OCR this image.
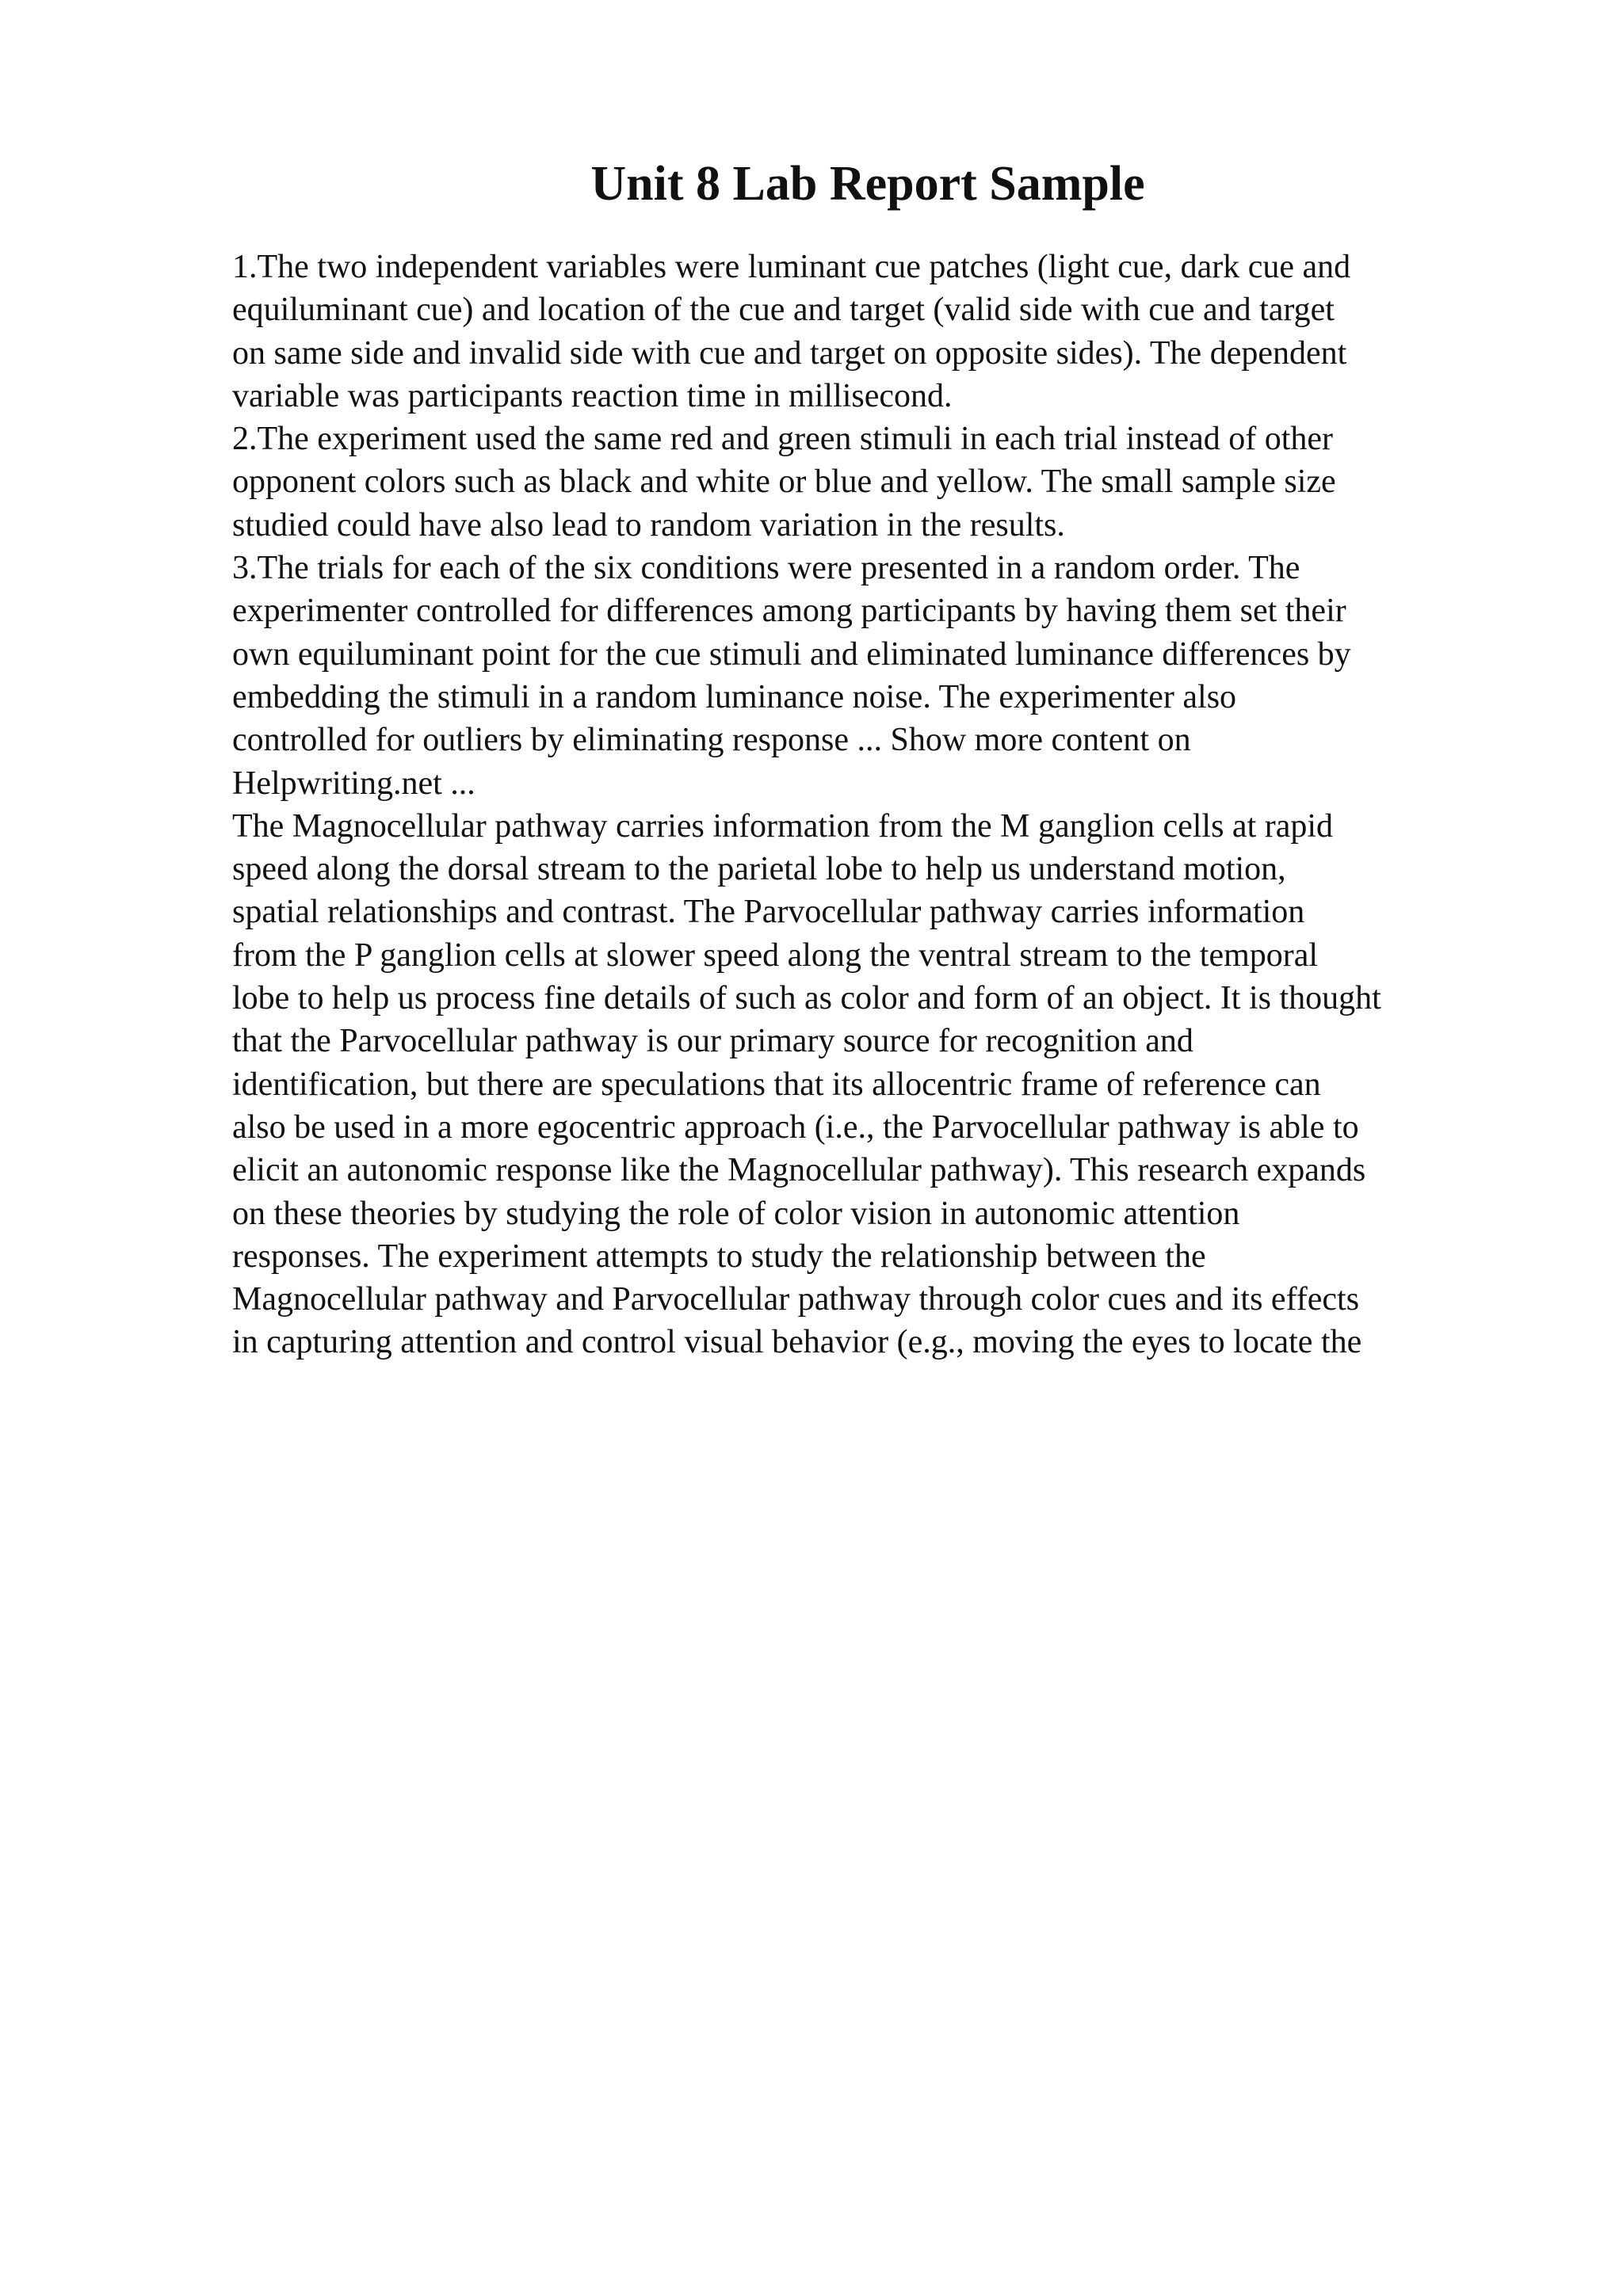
Unit 8 Lab Report Sample
1.The two independent variables were luminant cue patches (light cue, dark cue and
equiluminant cue) and location of the cue and target (valid side with cue and target
on same side and invalid side with cue and target on opposite sides). The dependent
variable was participants reaction time in millisecond.
2.The experiment used the same red and green stimuli in each trial instead of other
opponent colors such as black and white or blue and yellow. The small sample size
studied could have also lead to random variation in the results.
3.The trials for each of the six conditions were presented in a random order. The
experimenter controlled for differences among participants by having them set their
own equiluminant point for the cue stimuli and eliminated luminance differences by
embedding the stimuli in a random luminance noise. The experimenter also
controlled for outliers by eliminating response ... Show more content on
Helpwriting.net ...
The Magnocellular pathway carries information from the M ganglion cells at rapid
speed along the dorsal stream to the parietal lobe to help us understand motion,
spatial relationships and contrast. The Parvocellular pathway carries information
from the P ganglion cells at slower speed along the ventral stream to the temporal
lobe to help us process fine details of such as color and form of an object. It is thought
that the Parvocellular pathway is our primary source for recognition and
identification, but there are speculations that its allocentric frame of reference can
also be used in a more egocentric approach (i.e., the Parvocellular pathway is able to
elicit an autonomic response like the Magnocellular pathway). This research expands
on these theories by studying the role of color vision in autonomic attention
responses. The experiment attempts to study the relationship between the
Magnocellular pathway and Parvocellular pathway through color cues and its effects
in capturing attention and control visual behavior (e.g., moving the eyes to locate the
